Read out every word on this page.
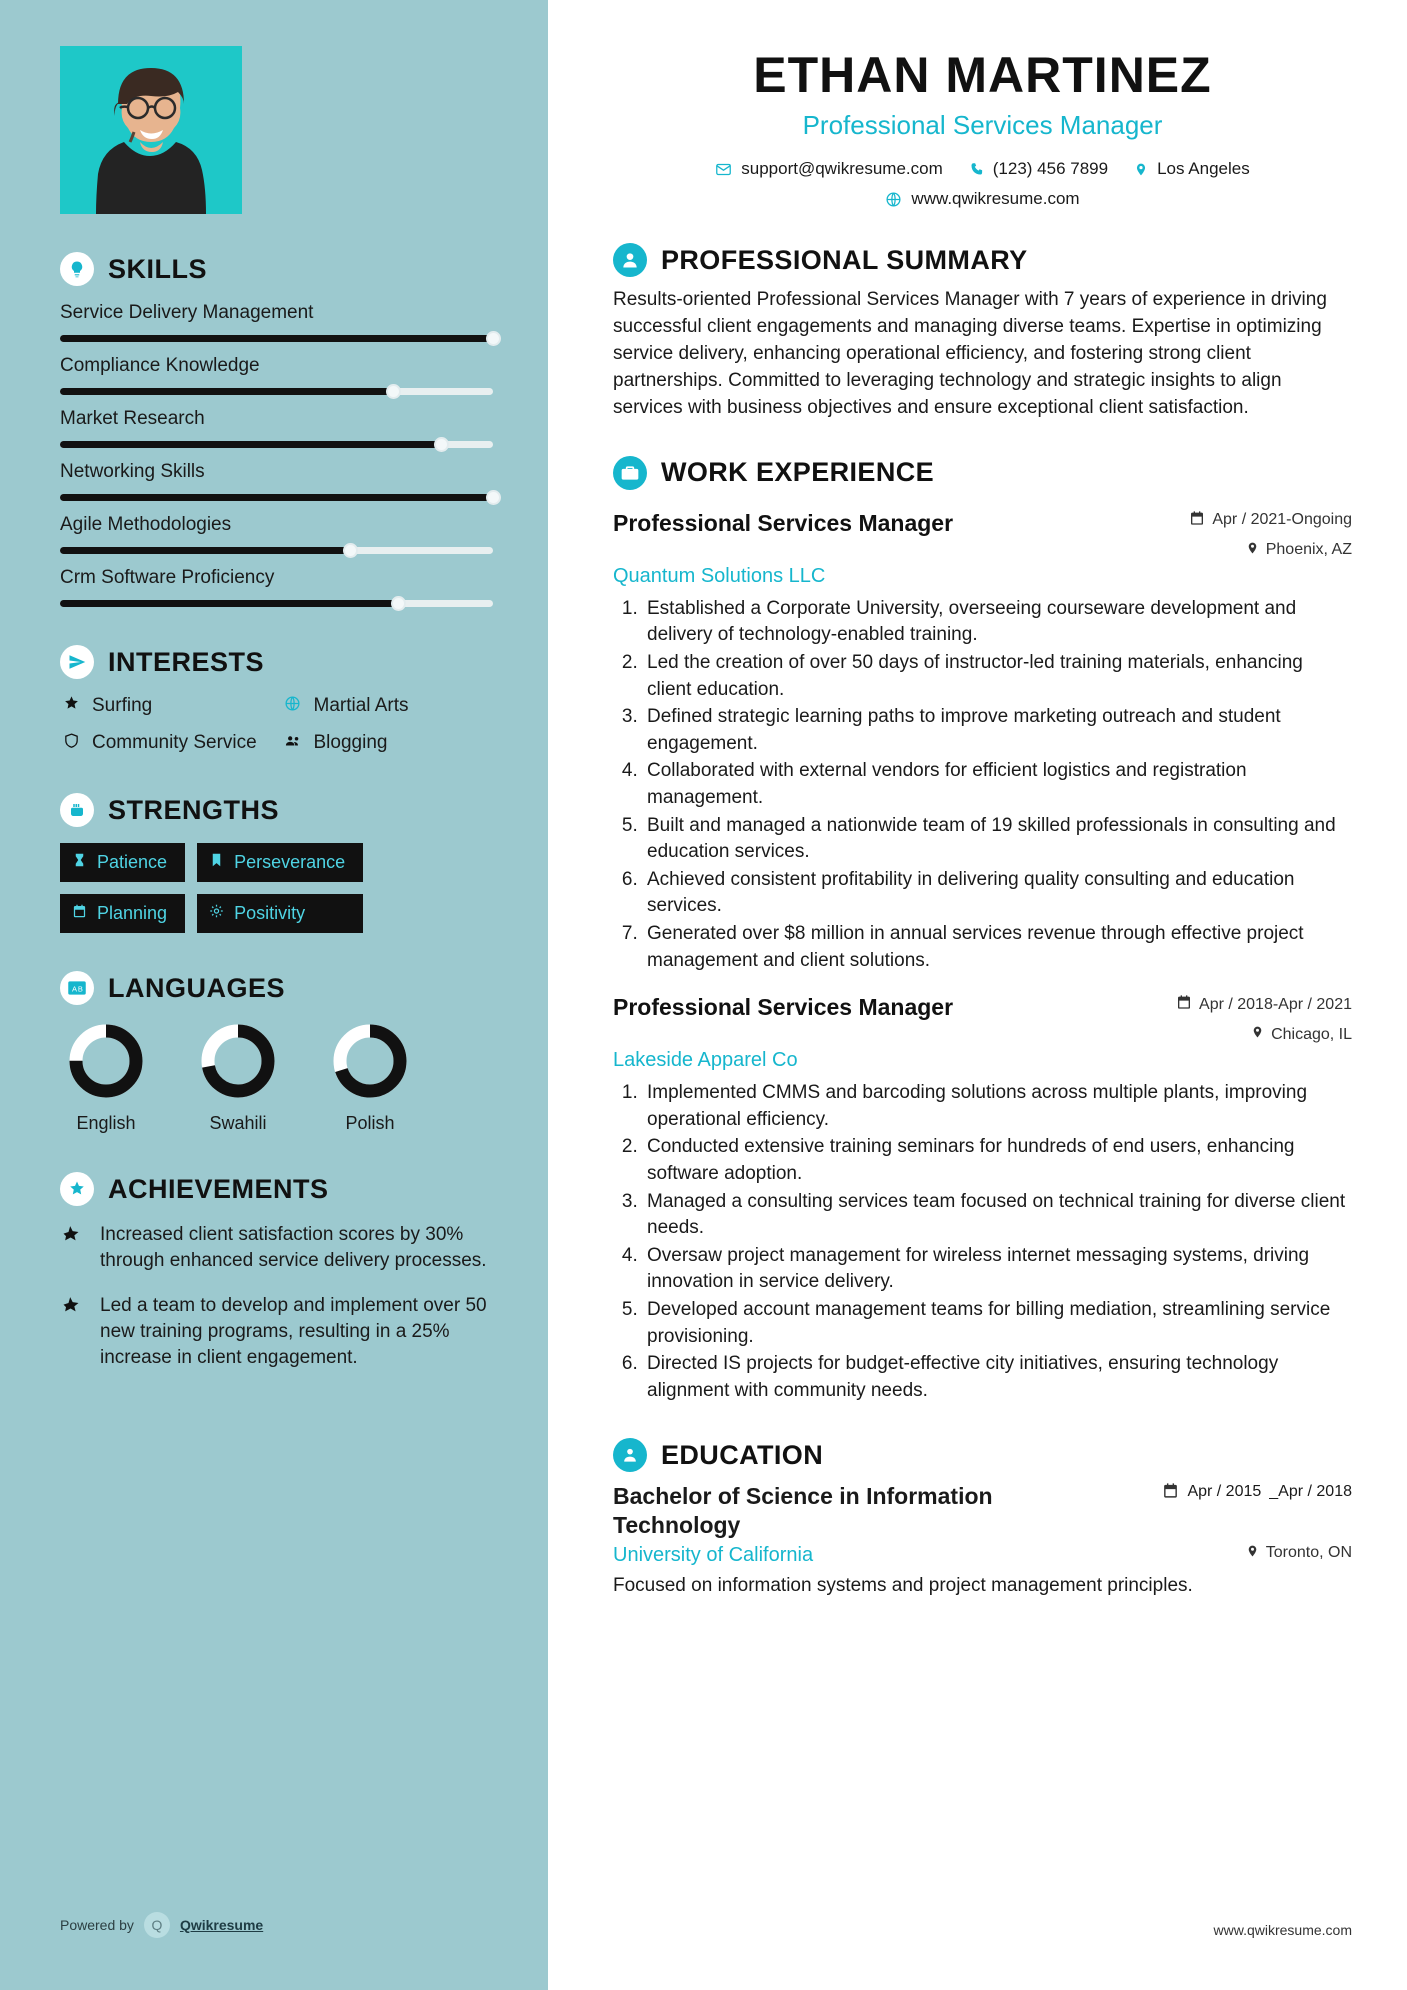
SKILLS
Service Delivery Management
Compliance Knowledge
Market Research
Networking Skills
Agile Methodologies
Crm Software Proficiency
INTERESTS
Surfing	Martial Arts
Community Service	Blogging
STRENGTHS
Patience	Perseverance
Planning	Positivity
A B LANGUAGES
English	Swahili	Polish
ACHIEVEMENTS

Increased client satisfaction scores by 30% through enhanced service delivery processes.

Led a team to develop and implement over 50 new training programs, resulting in a 25% increase in client engagement.

Powered by	Q	Qwikresume
ETHAN MARTINEZ
Professional Services Manager
support@qwikresume.com	(123) 456 7899	Los Angeles
www.qwikresume.com
PROFESSIONAL SUMMARY

Results-oriented Professional Services Manager with 7 years of experience in driving successful client engagements and managing diverse teams. Expertise in optimizing service delivery, enhancing operational efficiency, and fostering strong client partnerships. Committed to leveraging technology and strategic insights to align services with business objectives and ensure exceptional client satisfaction.

WORK EXPERIENCE
Professional Services Manager	Apr / 2021-Ongoing
Phoenix, AZ
Quantum Solutions LLC
1. Established a Corporate University, overseeing courseware development and delivery of technology-enabled training.
2. Led the creation of over 50 days of instructor-led training materials, enhancing client education.
3. Defined strategic learning paths to improve marketing outreach and student engagement.
4. Collaborated with external vendors for efficient logistics and registration management.
5. Built and managed a nationwide team of 19 skilled professionals in consulting and education services.
6. Achieved consistent profitability in delivering quality consulting and education services.
7. Generated over $8 million in annual services revenue through effective project management and client solutions.
Professional Services Manager	Apr / 2018-Apr / 2021
Chicago, IL
Lakeside Apparel Co
1. Implemented CMMS and barcoding solutions across multiple plants, improving operational efficiency.
2. Conducted extensive training seminars for hundreds of end users, enhancing software adoption.
3. Managed a consulting services team focused on technical training for diverse client needs.
4. Oversaw project management for wireless internet messaging systems, driving innovation in service delivery.
5. Developed account management teams for billing mediation, streamlining service provisioning.
6. Directed IS projects for budget-effective city initiatives, ensuring technology alignment with community needs.
EDUCATION
Bachelor of Science in Information Technology
Apr / 2015 _Apr / 2018
University of California	Toronto, ON
Focused on information systems and project management principles.
www.qwikresume.com
